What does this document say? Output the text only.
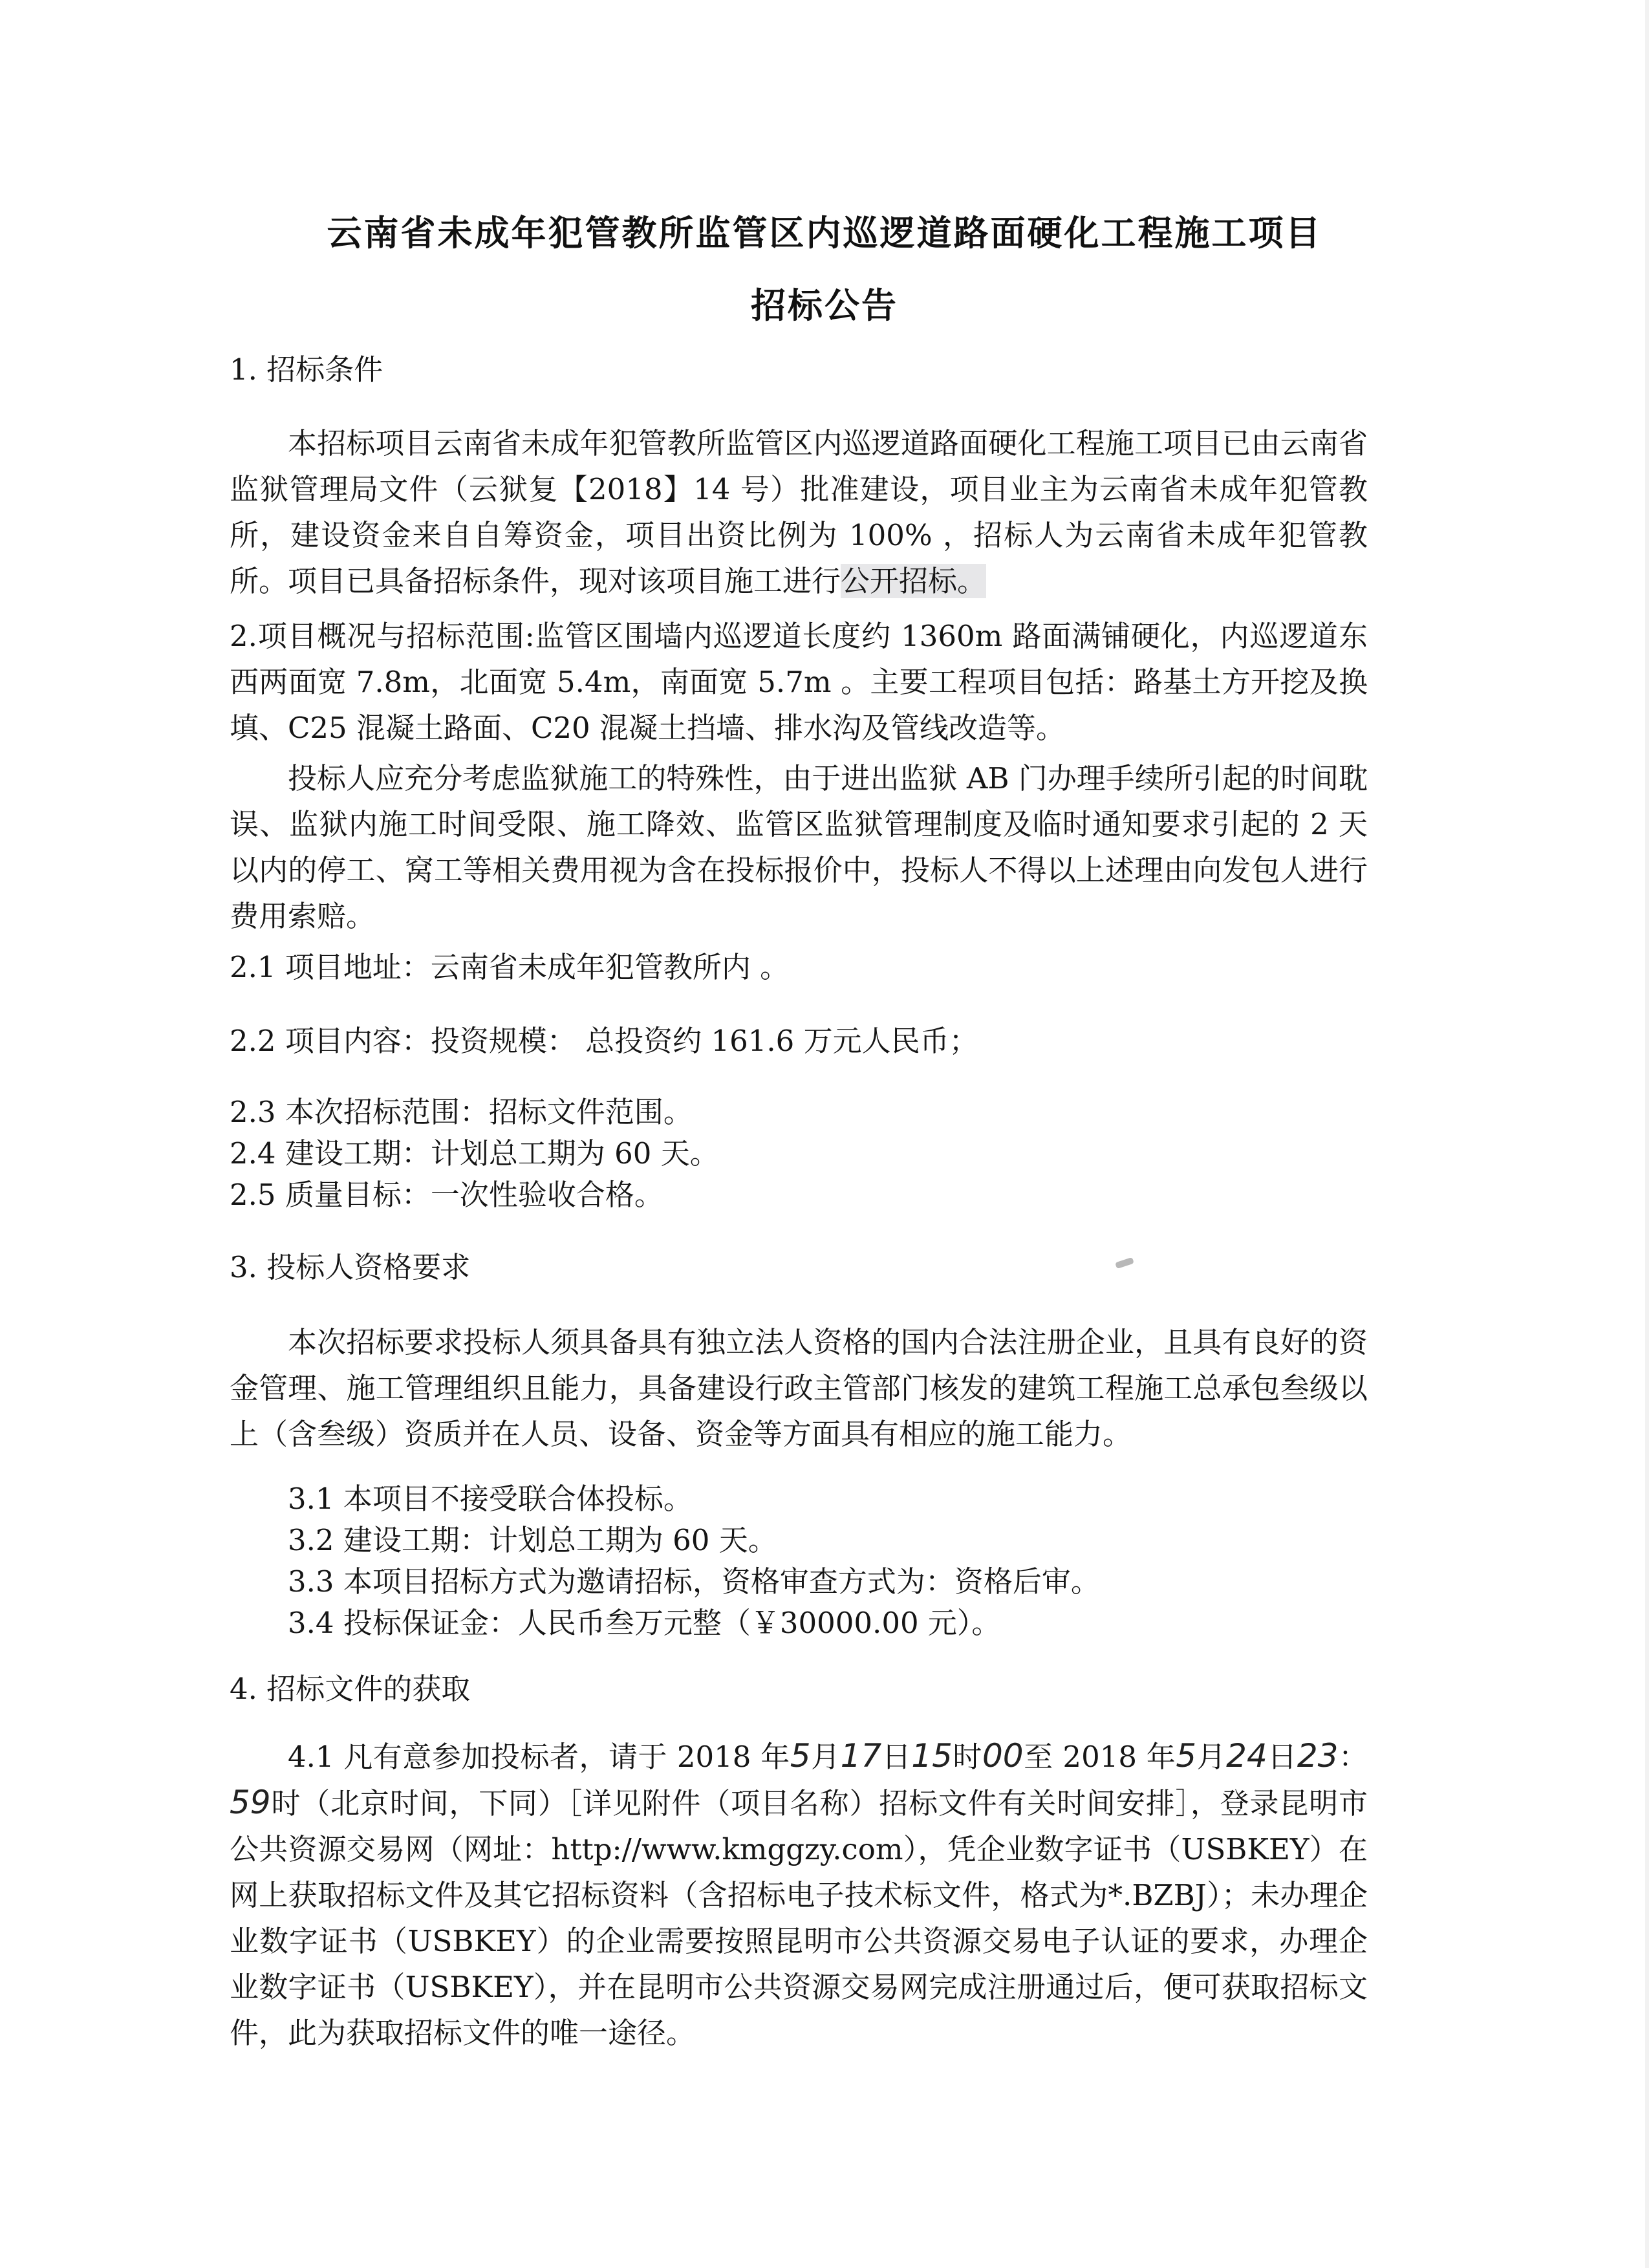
云南省未成年犯管教所监管区内巡逻道路面硬化工程施工项目
招标公告
1. 招标条件

本招标项目云南省未成年犯管教所监管区内巡逻道路面硬化工程施工项目已由云南省监狱管理局文件（云狱复【2018】14 号）批准建设，项目业主为云南省未成年犯管教所，建设资金来自自筹资金，项目出资比例为 100% ，招标人为云南省未成年犯管教所。项目已具备招标条件，现对该项目施工进行公开招标。

2.项目概况与招标范围:监管区围墙内巡逻道长度约 1360m 路面满铺硬化，内巡逻道东西两面宽 7.8m，北面宽 5.4m，南面宽 5.7m 。主要工程项目包括：路基土方开挖及换填、C25 混凝土路面、C20 混凝土挡墙、排水沟及管线改造等。

投标人应充分考虑监狱施工的特殊性，由于进出监狱 AB 门办理手续所引起的时间耽误、监狱内施工时间受限、施工降效、监管区监狱管理制度及临时通知要求引起的 2 天以内的停工、窝工等相关费用视为含在投标报价中，投标人不得以上述理由向发包人进行费用索赔。

2.1 项目地址：云南省未成年犯管教所内 。
2.2 项目内容：投资规模： 总投资约 161.6 万元人民币；
2.3 本次招标范围：招标文件范围。
2.4 建设工期：计划总工期为 60 天。
2.5 质量目标：一次性验收合格。
3. 投标人资格要求

本次招标要求投标人须具备具有独立法人资格的国内合法注册企业，且具有良好的资金管理、施工管理组织且能力，具备建设行政主管部门核发的建筑工程施工总承包叁级以上（含叁级）资质并在人员、设备、资金等方面具有相应的施工能力。

3.1 本项目不接受联合体投标。
3.2 建设工期：计划总工期为 60 天。
3.3 本项目招标方式为邀请招标，资格审查方式为：资格后审。
3.4 投标保证金：人民币叁万元整（￥30000.00 元）。
4. 招标文件的获取

4.1 凡有意参加投标者，请于 2018 年5月17日15时00至 2018 年5月24日23：59时（北京时间，下同）［详见附件（项目名称）招标文件有关时间安排］，登录昆明市公共资源交易网（网址：http://www.kmggzy.com），凭企业数字证书（USBKEY）在网上获取招标文件及其它招标资料（含招标电子技术标文件，格式为*.BZBJ）；未办理企业数字证书（USBKEY）的企业需要按照昆明市公共资源交易电子认证的要求，办理企业数字证书（USBKEY），并在昆明市公共资源交易网完成注册通过后，便可获取招标文件，此为获取招标文件的唯一途径。
